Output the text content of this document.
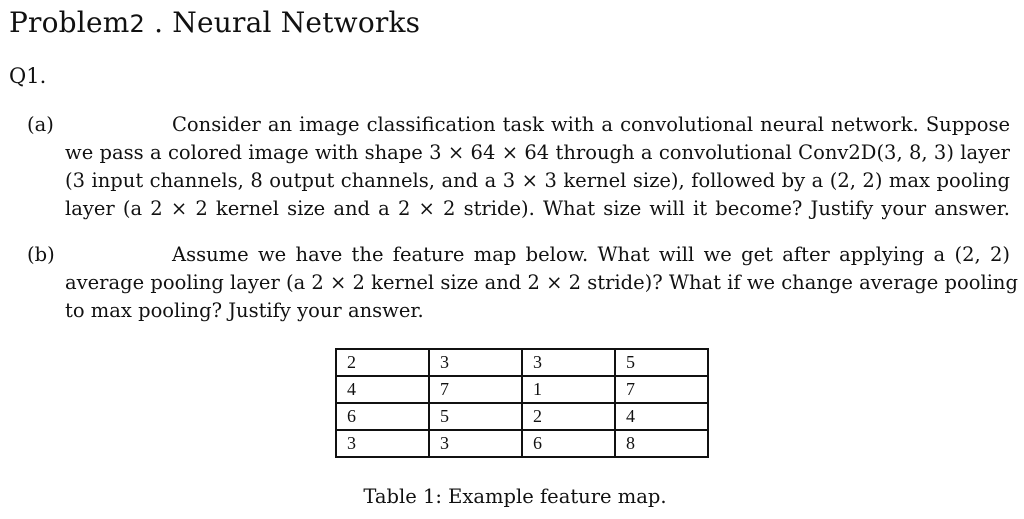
Problem2 . Neural Networks
Q1.
(a)	Consider an image classification task with a convolutional neural network. Suppose
we pass a colored image with shape 3 × 64 × 64 through a convolutional Conv2D(3, 8, 3) layer
(3 input channels, 8 output channels, and a 3 × 3 kernel size), followed by a (2, 2) max pooling
layer (a 2 × 2 kernel size and a 2 × 2 stride). What size will it become? Justify your answer.
(b)	Assume we have the feature map below. What will we get after applying a (2, 2)
average pooling layer (a 2 × 2 kernel size and 2 × 2 stride)? What if we change average pooling
to max pooling? Justify your answer.
2	3	3	5
4	7	1	7
6	5	2	4
3	3	6	8
Table 1: Example feature map.
